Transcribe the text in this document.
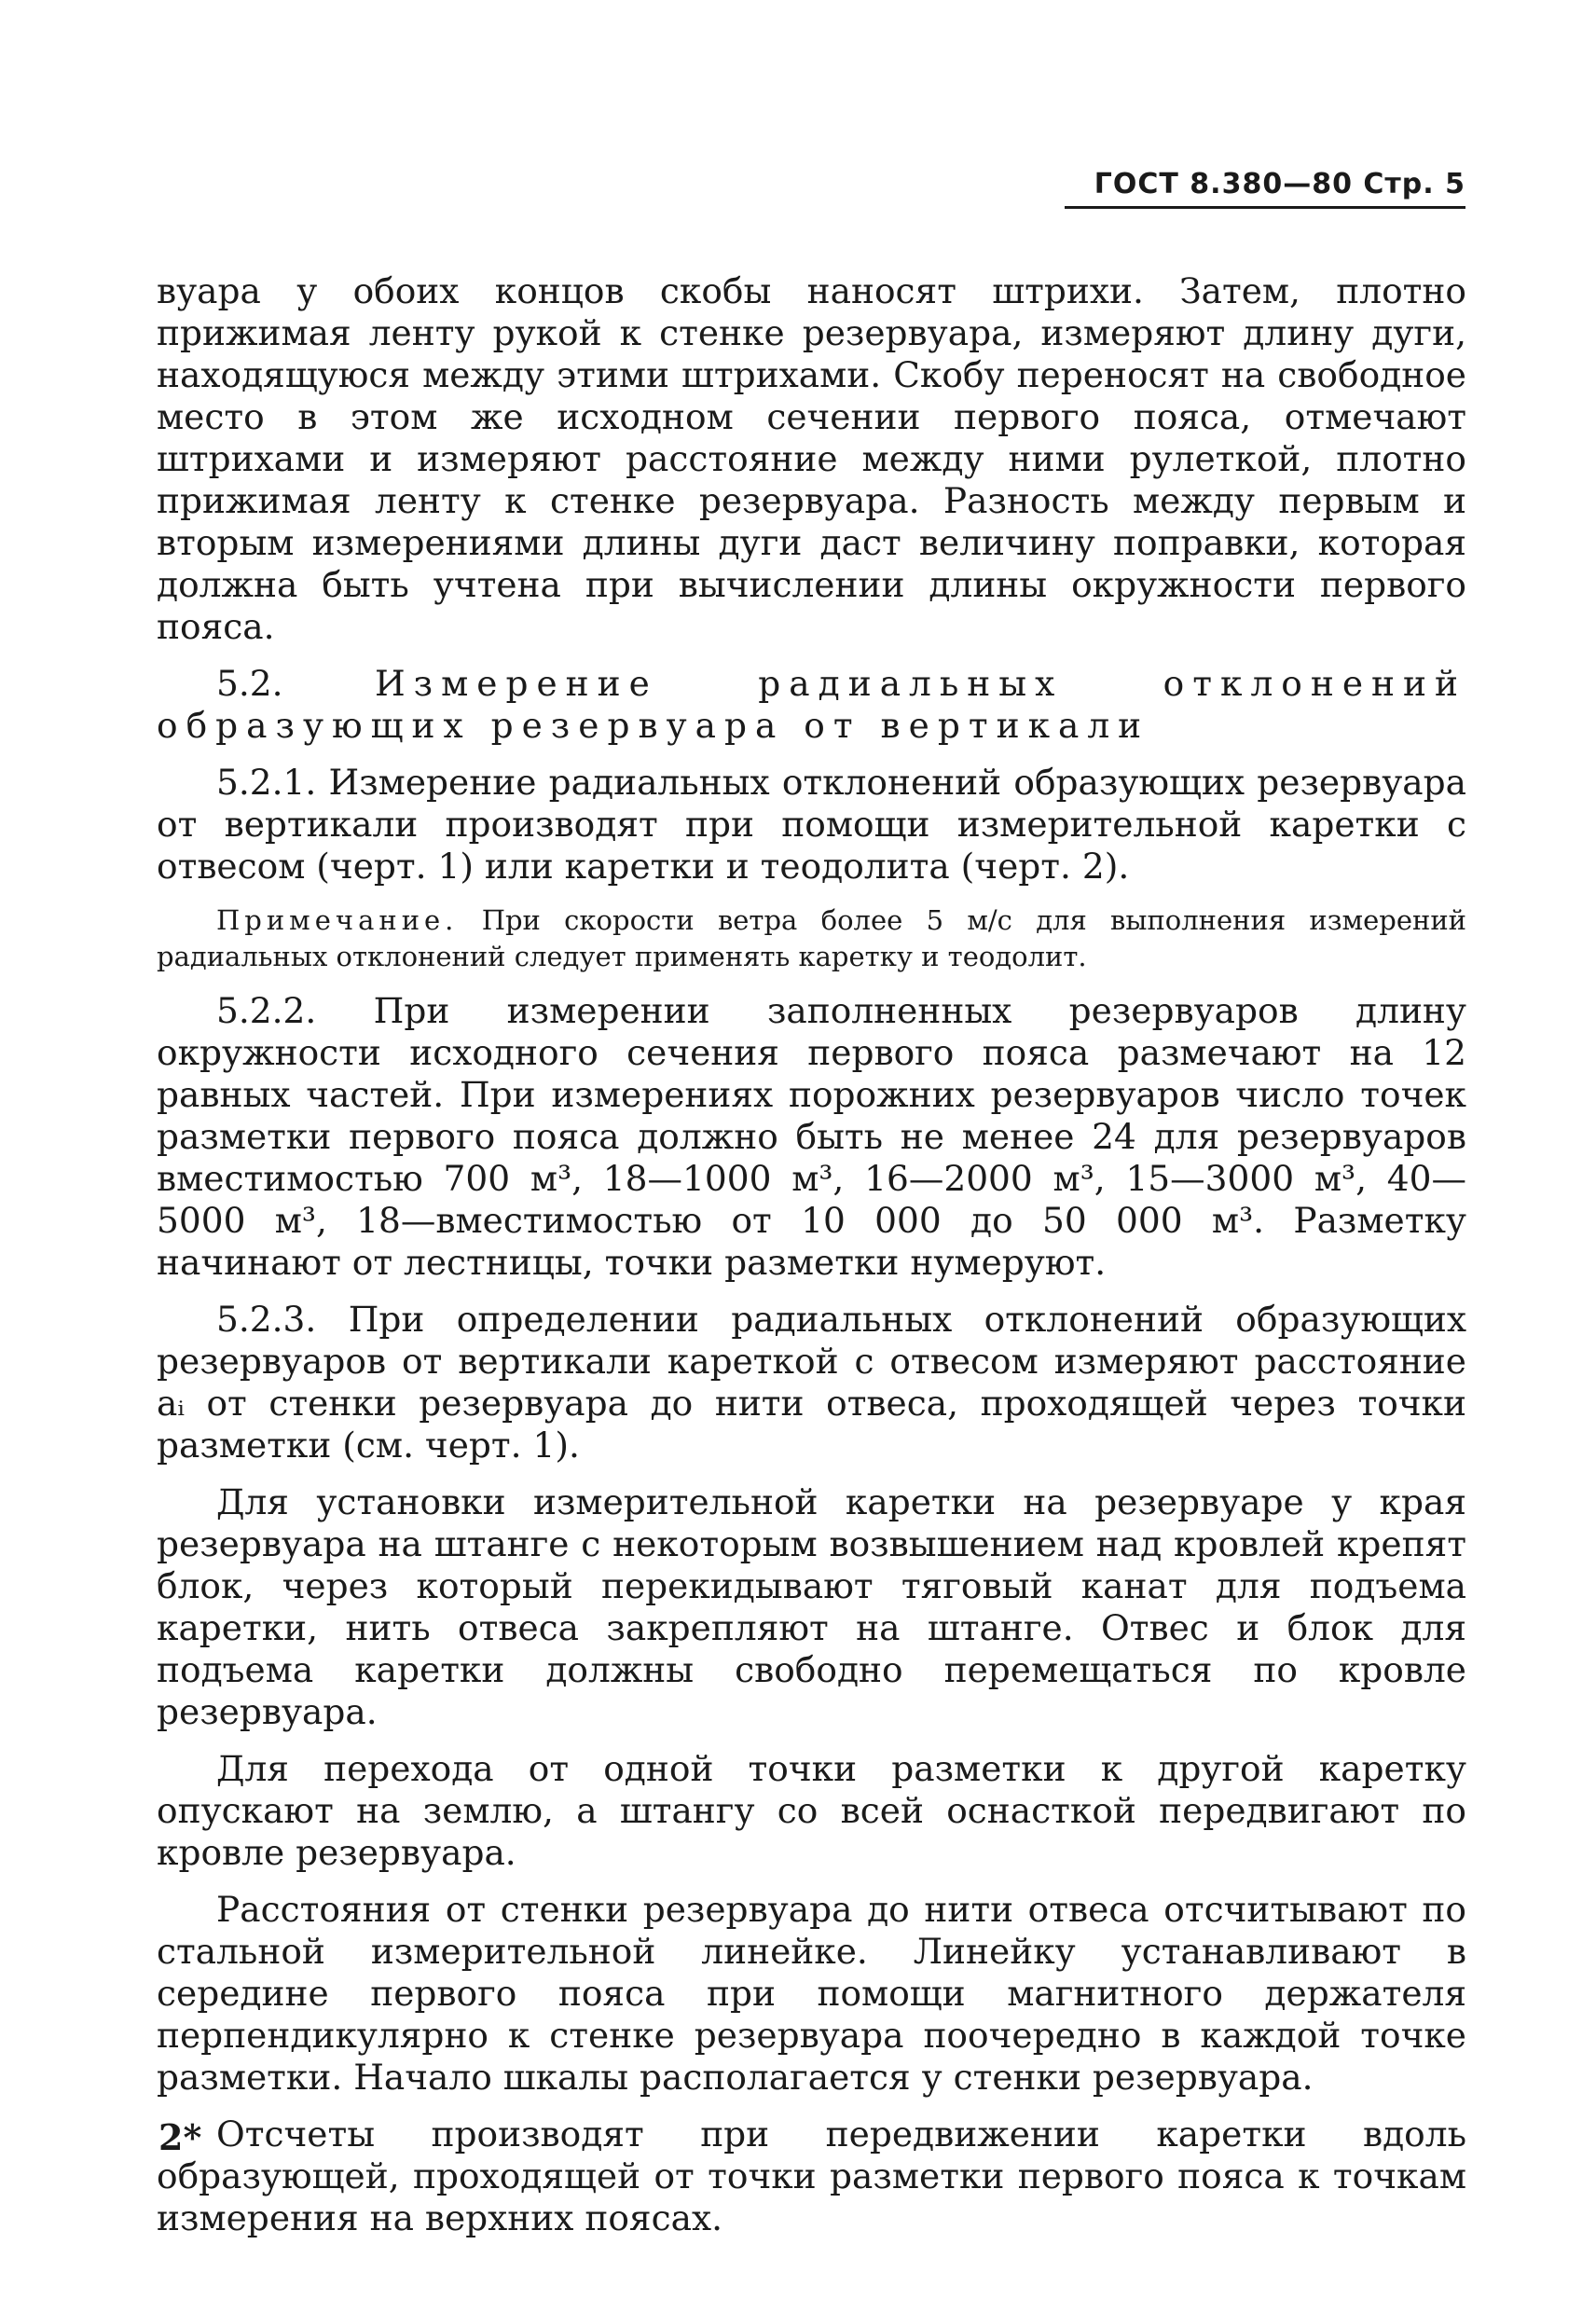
ГОСТ 8.380—80 Стр. 5

вуара у обоих концов скобы наносят штрихи. Затем, плотно прижимая ленту рукой к стенке резервуара, измеряют длину дуги, находящуюся между этими штрихами. Скобу переносят на свободное место в этом же исходном сечении первого пояса, отмечают штрихами и измеряют расстояние между ними рулеткой, плотно прижимая ленту к стенке резервуара. Разность между первым и вторым измерениями длины дуги даст величину поправки, которая должна быть учтена при вычислении длины окружности первого пояса.

5.2.	Измерение радиальных отклонений образующих резервуара от вертикали

5.2.1. Измерение радиальных отклонений образующих резервуара от вертикали производят при помощи измерительной каретки с отвесом (черт. 1) или каретки и теодолита (черт. 2).

Примечание. При скорости ветра более 5 м/с для выполнения измерений радиальных отклонений следует применять каретку и теодолит.

5.2.2. При измерении заполненных резервуаров длину окружности исходного сечения первого пояса размечают на 12 равных частей. При измерениях порожних резервуаров число точек разметки первого пояса должно быть не менее 24 для резервуаров вместимостью 700 м³, 18—1000 м³, 16—2000 м³, 15—3000 м³, 40—5000 м³, 18—вместимостью от 10 000 до 50 000 м³. Разметку начинают от лестницы, точки разметки нумеруют.

5.2.3. При определении радиальных отклонений образующих резервуаров от вертикали кареткой с отвесом измеряют расстояние aᵢ от стенки резервуара до нити отвеса, проходящей через точки разметки (см. черт. 1).

Для установки измерительной каретки на резервуаре у края резервуара на штанге с некоторым возвышением над кровлей крепят блок, через который перекидывают тяговый канат для подъема каретки, нить отвеса закрепляют на штанге. Отвес и блок для подъема каретки должны свободно перемещаться по кровле резервуара.

Для перехода от одной точки разметки к другой каретку опускают на землю, а штангу со всей оснасткой передвигают по кровле резервуара.

Расстояния от стенки резервуара до нити отвеса отсчитывают по стальной измерительной линейке. Линейку устанавливают в середине первого пояса при помощи магнитного держателя перпендикулярно к стенке резервуара поочередно в каждой точке разметки. Начало шкалы располагается у стенки резервуара.

Отсчеты производят при передвижении каретки вдоль образующей, проходящей от точки разметки первого пояса к точкам измерения на верхних поясах.

2*
